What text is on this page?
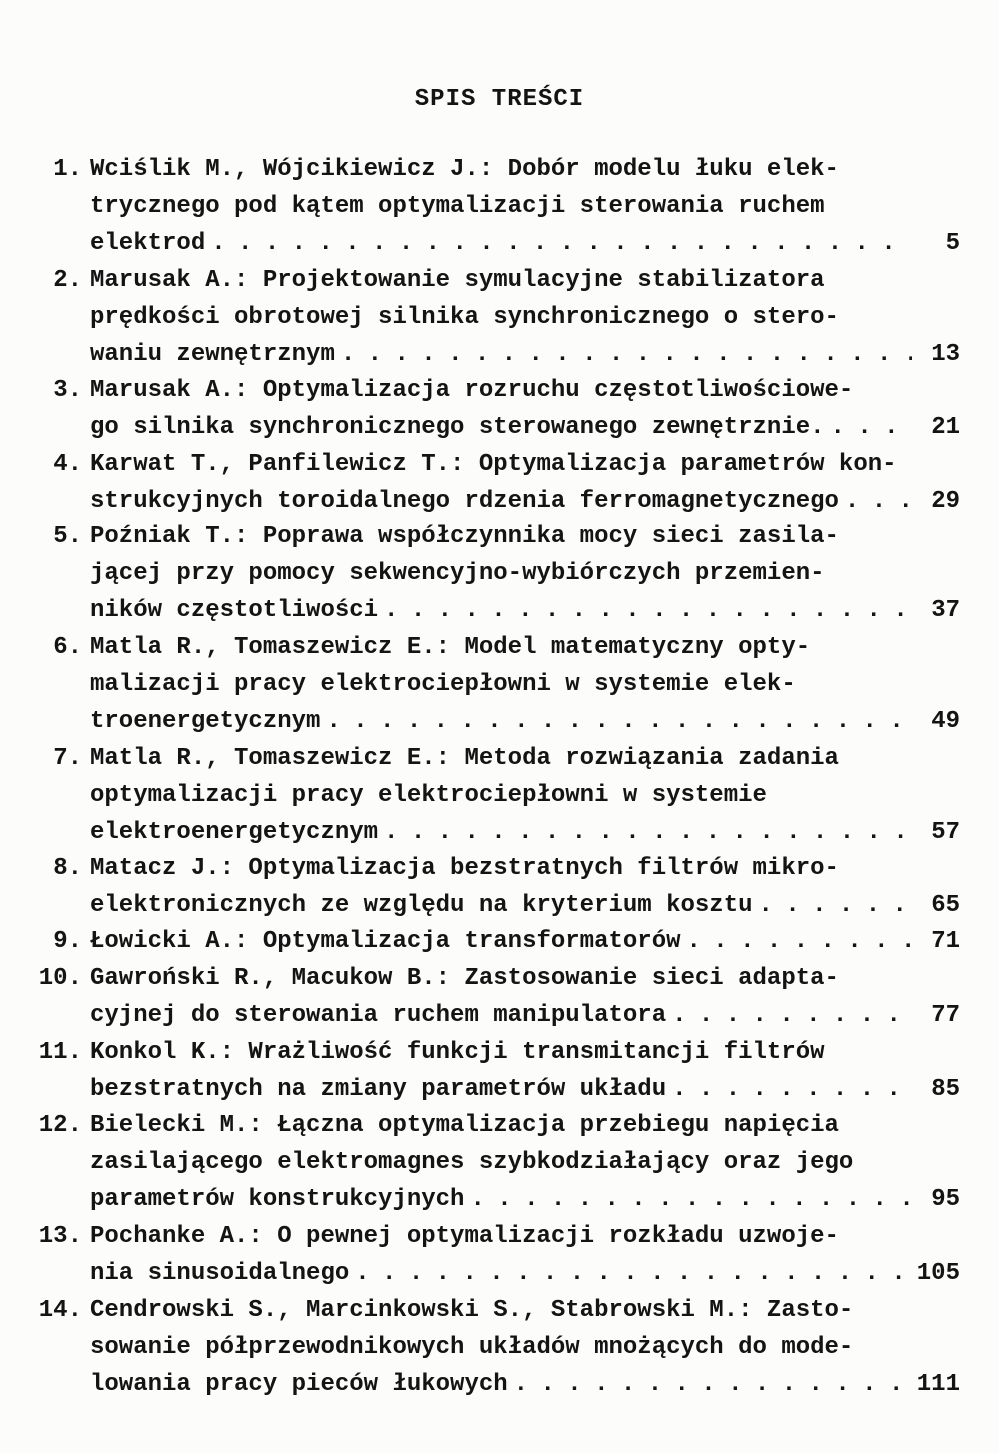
SPIS TREŚCI
1. Wciślik M., Wójcikiewicz J.: Dobór modelu łuku elek-
trycznego pod kątem optymalizacji sterowania ruchem
elektrod . . .	5
2. Marusak A.: Projektowanie symulacyjne stabilizatora
prędkości obrotowej silnika synchronicznego o stero-
waniu zewnętrznym . . .	13
3. Marusak A.: Optymalizacja rozruchu częstotliwościowe-
go silnika synchronicznego sterowanego zewnętrznie. . . .	21
4. Karwat T., Panfilewicz T.: Optymalizacja parametrów kon-
strukcyjnych toroidalnego rdzenia ferromagnetycznego . . .	29
5. Poźniak T.: Poprawa współczynnika mocy sieci zasila-
jącej przy pomocy sekwencyjno-wybiórczych przemien-
ników częstotliwości . . .	37
6. Matla R., Tomaszewicz E.: Model matematyczny opty-
malizacji pracy elektrociepłowni w systemie elek-
troenergetycznym . . .	49
7. Matla R., Tomaszewicz E.: Metoda rozwiązania zadania
optymalizacji pracy elektrociepłowni w systemie
elektroenergetycznym . . .	57
8. Matacz J.: Optymalizacja bezstratnych filtrów mikro-
elektronicznych ze względu na kryterium kosztu . . .	65
9. Łowicki A.: Optymalizacja transformatorów . . .	71
10. Gawroński R., Macukow B.: Zastosowanie sieci adapta-
cyjnej do sterowania ruchem manipulatora . . .	77
11. Konkol K.: Wrażliwość funkcji transmitancji filtrów
bezstratnych na zmiany parametrów układu . . .	85
12. Bielecki M.: Łączna optymalizacja przebiegu napięcia
zasilającego elektromagnes szybkodziałający oraz jego
parametrów konstrukcyjnych . . .	95
13. Pochanke A.: O pewnej optymalizacji rozkładu uzwoje-
nia sinusoidalnego . . .	105
14. Cendrowski S., Marcinkowski S., Stabrowski M.: Zasto-
sowanie półprzewodnikowych układów mnożących do mode-
lowania pracy pieców łukowych . . .	111
